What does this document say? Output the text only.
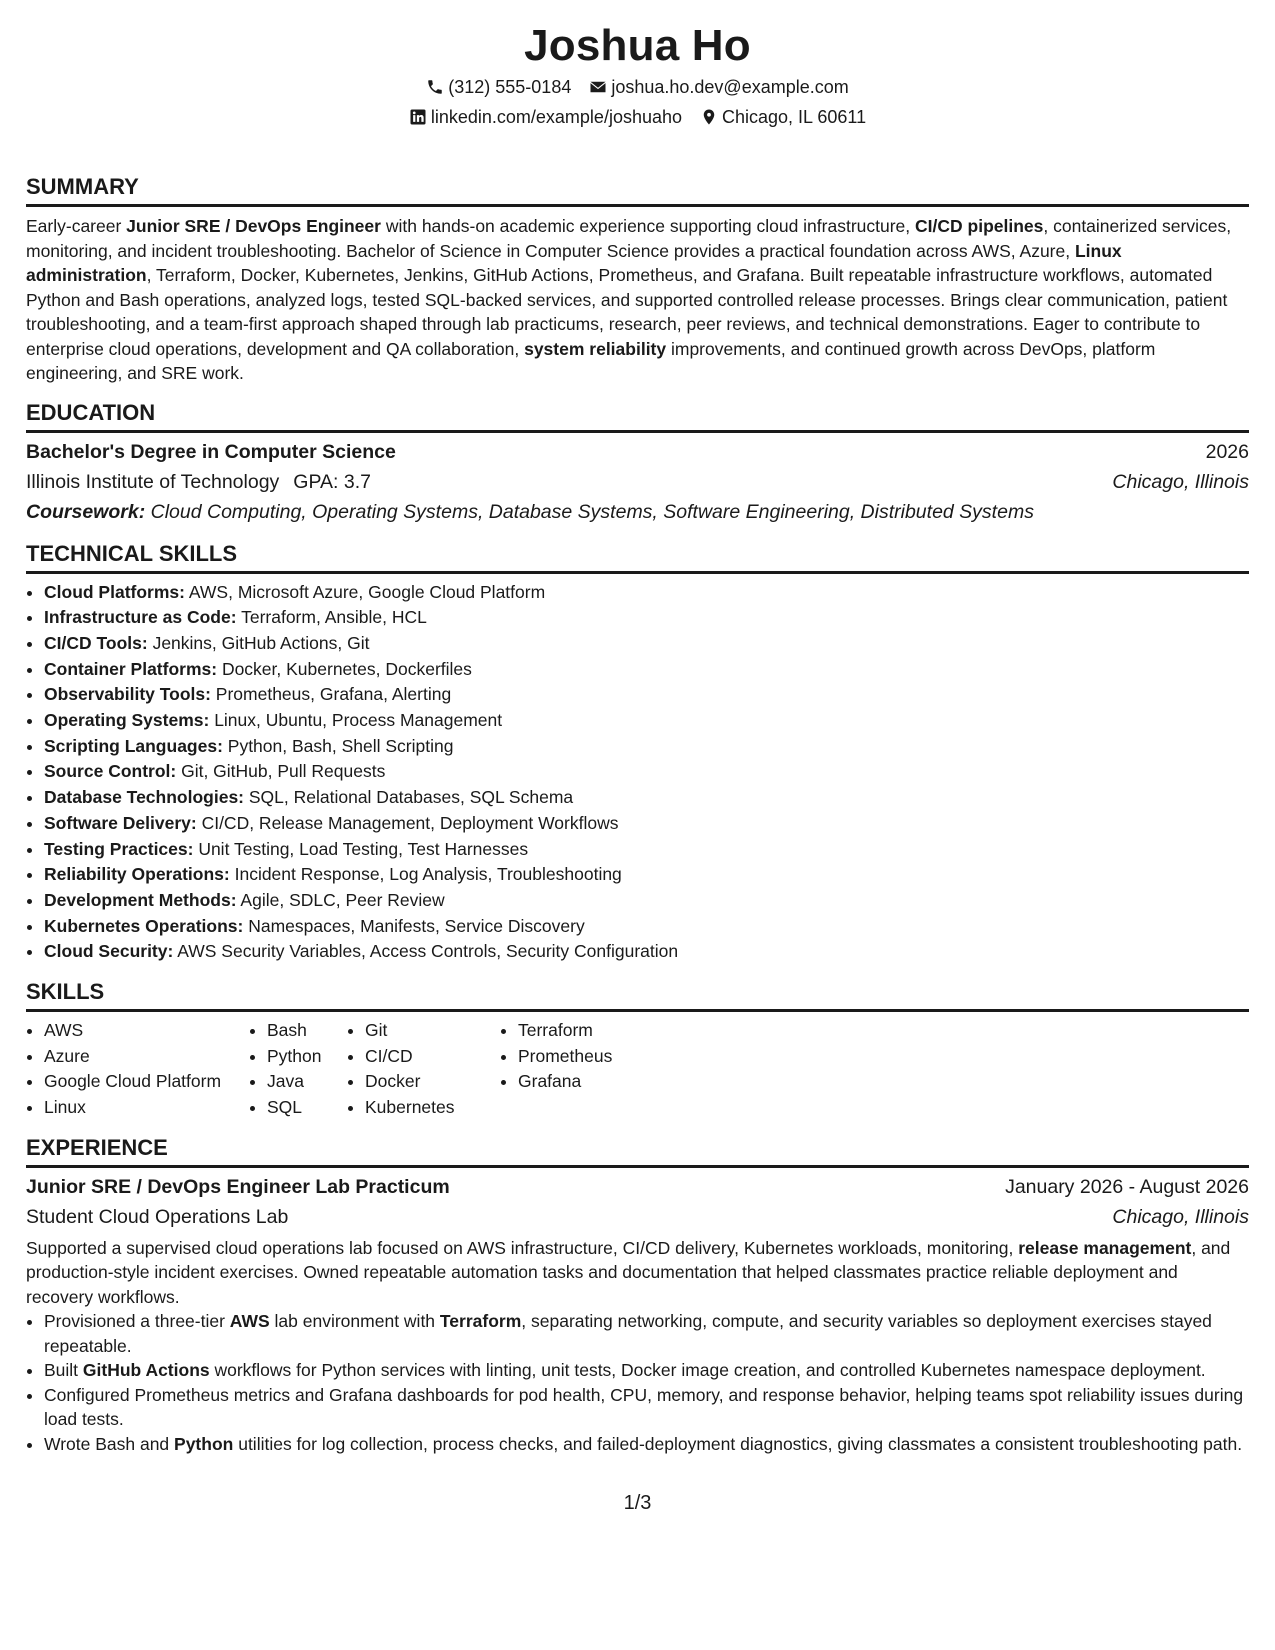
Joshua Ho
(312) 555-0184 joshua.ho.dev@example.com
linkedin.com/example/joshuaho Chicago, IL 60611
SUMMARY

Early-career Junior SRE / DevOps Engineer with hands-on academic experience supporting cloud infrastructure, CI/CD pipelines, containerized services, monitoring, and incident troubleshooting. Bachelor of Science in Computer Science provides a practical foundation across AWS, Azure, Linux administration, Terraform, Docker, Kubernetes, Jenkins, GitHub Actions, Prometheus, and Grafana. Built repeatable infrastructure workflows, automated Python and Bash operations, analyzed logs, tested SQL-backed services, and supported controlled release processes. Brings clear communication, patient troubleshooting, and a team-first approach shaped through lab practicums, research, peer reviews, and technical demonstrations. Eager to contribute to enterprise cloud operations, development and QA collaboration, system reliability improvements, and continued growth across DevOps, platform engineering, and SRE work.

EDUCATION
Bachelor's Degree in Computer Science	2026
Illinois Institute of Technology GPA: 3.7	Chicago, Illinois
Coursework: Cloud Computing, Operating Systems, Database Systems, Software Engineering, Distributed Systems
TECHNICAL SKILLS
• Cloud Platforms: AWS, Microsoft Azure, Google Cloud Platform
• Infrastructure as Code: Terraform, Ansible, HCL
• CI/CD Tools: Jenkins, GitHub Actions, Git
• Container Platforms: Docker, Kubernetes, Dockerfiles
• Observability Tools: Prometheus, Grafana, Alerting
• Operating Systems: Linux, Ubuntu, Process Management
• Scripting Languages: Python, Bash, Shell Scripting
• Source Control: Git, GitHub, Pull Requests
• Database Technologies: SQL, Relational Databases, SQL Schema
• Software Delivery: CI/CD, Release Management, Deployment Workflows
• Testing Practices: Unit Testing, Load Testing, Test Harnesses
• Reliability Operations: Incident Response, Log Analysis, Troubleshooting
• Development Methods: Agile, SDLC, Peer Review
• Kubernetes Operations: Namespaces, Manifests, Service Discovery
• Cloud Security: AWS Security Variables, Access Controls, Security Configuration
SKILLS
• AWS
• Azure
• Google Cloud Platform
• Linux
• Bash
• Python
• Java
• SQL
• Git
• CI/CD
• Docker
• Kubernetes
• Terraform
• Prometheus
• Grafana
EXPERIENCE
Junior SRE / DevOps Engineer Lab Practicum	January 2026 - August 2026
Student Cloud Operations Lab	Chicago, Illinois

Supported a supervised cloud operations lab focused on AWS infrastructure, CI/CD delivery, Kubernetes workloads, monitoring, release management, and production-style incident exercises. Owned repeatable automation tasks and documentation that helped classmates practice reliable deployment and recovery workflows.

• Provisioned a three-tier AWS lab environment with Terraform, separating networking, compute, and security variables so deployment exercises stayed repeatable.
• Built GitHub Actions workflows for Python services with linting, unit tests, Docker image creation, and controlled Kubernetes namespace deployment.
• Configured Prometheus metrics and Grafana dashboards for pod health, CPU, memory, and response behavior, helping teams spot reliability issues during load tests.
• Wrote Bash and Python utilities for log collection, process checks, and failed-deployment diagnostics, giving classmates a consistent troubleshooting path.
1/3
